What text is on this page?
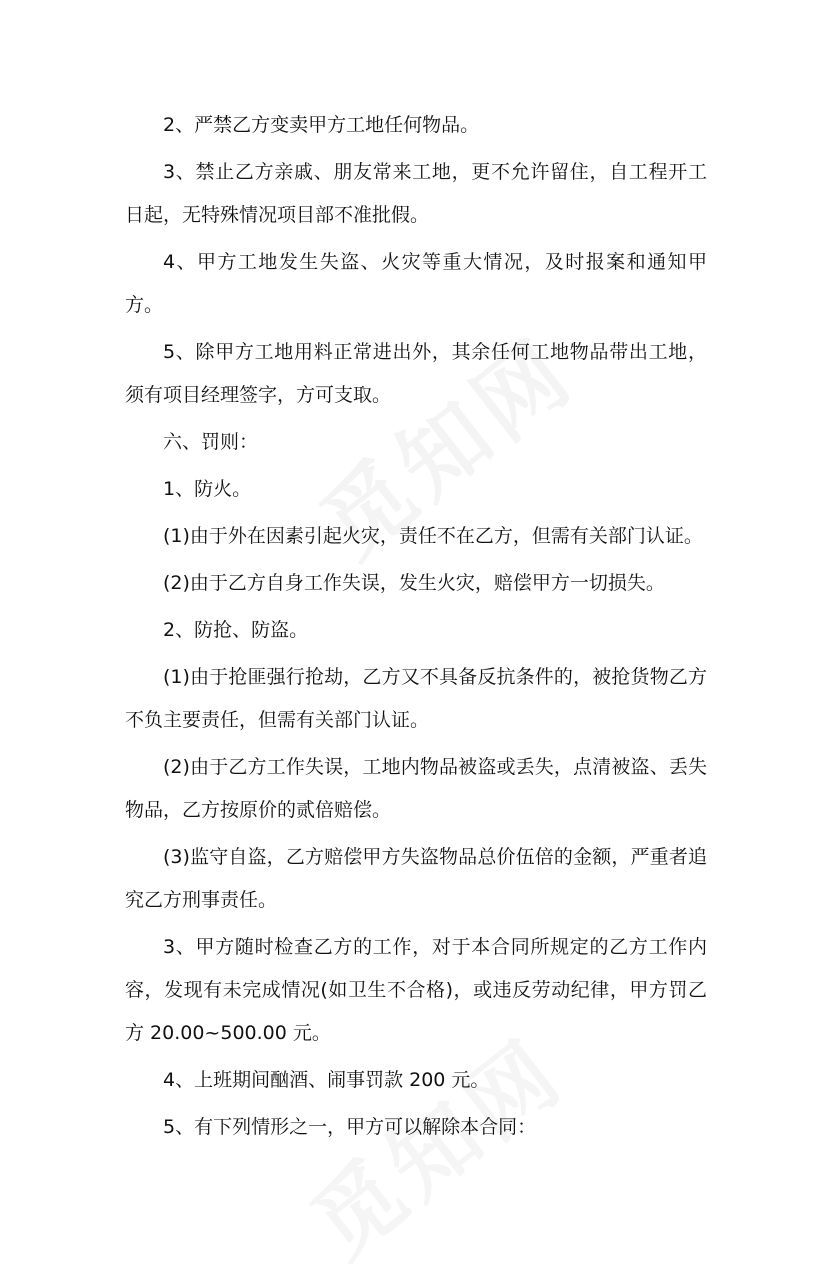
2、严禁乙方变卖甲方工地任何物品。

3、禁止乙方亲戚、朋友常来工地，更不允许留住，自工程开工日起，无特殊情况项目部不准批假。

4、甲方工地发生失盗、火灾等重大情况，及时报案和通知甲方。

5、除甲方工地用料正常进出外，其余任何工地物品带出工地，须有项目经理签字，方可支取。

六、罚则：

1、防火。

(1)由于外在因素引起火灾，责任不在乙方，但需有关部门认证。

(2)由于乙方自身工作失误，发生火灾，赔偿甲方一切损失。

2、防抢、防盗。

(1)由于抢匪强行抢劫，乙方又不具备反抗条件的，被抢货物乙方不负主要责任，但需有关部门认证。

(2)由于乙方工作失误，工地内物品被盗或丢失，点清被盗、丢失物品，乙方按原价的贰倍赔偿。

(3)监守自盗，乙方赔偿甲方失盗物品总价伍倍的金额，严重者追究乙方刑事责任。

3、甲方随时检查乙方的工作，对于本合同所规定的乙方工作内容，发现有未完成情况(如卫生不合格)，或违反劳动纪律，甲方罚乙方 20.00~500.00 元。

4、上班期间酗酒、闹事罚款 200 元。

5、有下列情形之一，甲方可以解除本合同：
